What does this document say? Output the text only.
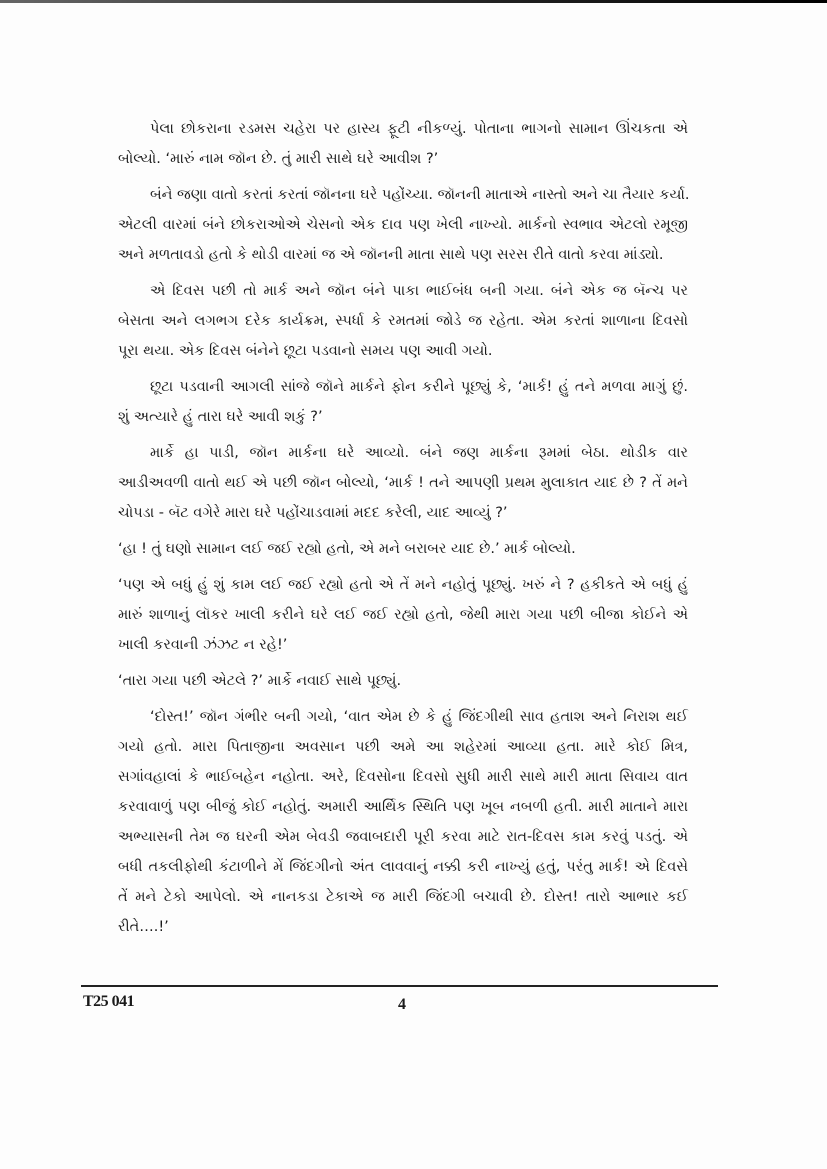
પેલા છોકરાના રડમસ ચહેરા પર હાસ્ય ફૂટી નીકળ્યું. પોતાના ભાગનો સામાન ઊંચકતા એ
બોલ્યો. ‘મારું નામ જૉન છે. તું મારી સાથે ઘરે આવીશ ?’
બંને જણા વાતો કરતાં કરતાં જૉનના ઘરે પહોંચ્યા. જૉનની માતાએ નાસ્તો અને ચા તૈયાર કર્યા.
એટલી વારમાં બંને છોકરાઓએ ચેસનો એક દાવ પણ ખેલી નાખ્યો. માર્કનો સ્વભાવ એટલો રમૂજી
અને મળતાવડો હતો કે થોડી વારમાં જ એ જૉનની માતા સાથે પણ સરસ રીતે વાતો કરવા માંડ્યો.
એ દિવસ પછી તો માર્ક અને જૉન બંને પાકા ભાઈબંધ બની ગયા. બંને એક જ બૅન્ચ પર
બેસતા અને લગભગ દરેક કાર્યક્રમ, સ્પર્ધા કે રમતમાં જોડે જ રહેતા. એમ કરતાં શાળાના દિવસો
પૂરા થયા. એક દિવસ બંનેને છૂટા પડવાનો સમય પણ આવી ગયો.
છૂટા પડવાની આગલી સાંજે જૉને માર્કને ફોન કરીને પૂછ્યું કે, ‘માર્ક! હું તને મળવા માગું છું.
શું અત્યારે હું તારા ઘરે આવી શકું ?’
માર્કે હા પાડી, જૉન માર્કના ઘરે આવ્યો. બંને જણ માર્કના રૂમમાં બેઠા. થોડીક વાર
આડીઅવળી વાતો થઈ એ પછી જૉન બોલ્યો, ‘માર્ક ! તને આપણી પ્રથમ મુલાકાત યાદ છે ? તેં મને
ચોપડા - બૅટ વગેરે મારા ઘરે પહોંચાડવામાં મદદ કરેલી, યાદ આવ્યું ?’
‘હા ! તું ઘણો સામાન લઈ જઈ રહ્યો હતો, એ મને બરાબર યાદ છે.’ માર્ક બોલ્યો.
‘પણ એ બધું હું શું કામ લઈ જઈ રહ્યો હતો એ તેં મને નહોતું પૂછ્યું. ખરું ને ? હકીકતે એ બધું હું
મારું શાળાનું લૉકર ખાલી કરીને ઘરે લઈ જઈ રહ્યો હતો, જેથી મારા ગયા પછી બીજા કોઈને એ
ખાલી કરવાની ઝંઝટ ન રહે!’
‘તારા ગયા પછી એટલે ?’ માર્કે નવાઈ સાથે પૂછ્યું.
‘દોસ્ત!’ જૉન ગંભીર બની ગયો, ‘વાત એમ છે કે હું જિંદગીથી સાવ હતાશ અને નિરાશ થઈ
ગયો હતો. મારા પિતાજીના અવસાન પછી અમે આ શહેરમાં આવ્યા હતા. મારે કોઈ મિત્ર,
સગાંવહાલાં કે ભાઈબહેન નહોતા. અરે, દિવસોના દિવસો સુધી મારી સાથે મારી માતા સિવાય વાત
કરવાવાળું પણ બીજું કોઈ નહોતું. અમારી આર્થિક સ્થિતિ પણ ખૂબ નબળી હતી. મારી માતાને મારા
અભ્યાસની તેમ જ ઘરની એમ બેવડી જવાબદારી પૂરી કરવા માટે રાત-દિવસ કામ કરવું પડતું. એ
બધી તકલીફોથી કંટાળીને મેં જિંદગીનો અંત લાવવાનું નક્કી કરી નાખ્યું હતું, પરંતુ માર્ક! એ દિવસે
તેં મને ટેકો આપેલો. એ નાનકડા ટેકાએ જ મારી જિંદગી બચાવી છે. દોસ્ત! તારો આભાર કઈ
રીતે….!’
T25 041	4
